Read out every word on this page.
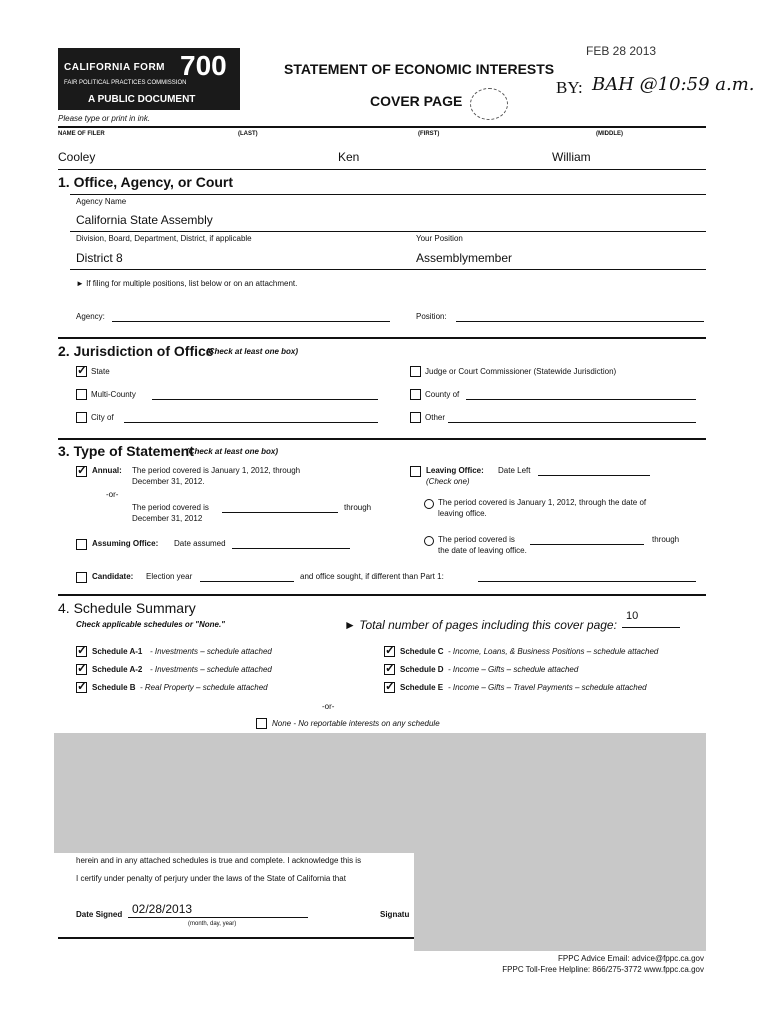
CALIFORNIA FORM 700
FAIR POLITICAL PRACTICES COMMISSION
A PUBLIC DOCUMENT
STATEMENT OF ECONOMIC INTERESTS
COVER PAGE
FEB 28 2013
BY: BAH @10:59 a.m.
Please type or print in ink.
NAME OF FILER	(LAST)	(FIRST)	(MIDDLE)
Cooley	Ken	William
1. Office, Agency, or Court
Agency Name
California State Assembly
Division, Board, Department, District, if applicable	Your Position
District 8	Assemblymember
► If filing for multiple positions, list below or on an attachment.
Agency:	Position:
2. Jurisdiction of Office
(Check at least one box)
✓
State	Judge or Court Commissioner (Statewide Jurisdiction)
Multi-County	County of
City of	Other
3. Type of Statement
(Check at least one box)
✓
Annual: The period covered is January 1, 2012, through
December 31, 2012.
-or-
The period covered is	through
December 31, 2012
Assuming Office: Date assumed
Leaving Office: Date Left
(Check one)
The period covered is January 1, 2012, through the date of
leaving office.
The period covered is	through
the date of leaving office.
Candidate: Election year	and office sought, if different than Part 1:
4. Schedule Summary
Check applicable schedules or "None."	► Total number of pages including this cover page:
10
✓
Schedule A-1 - Investments – schedule attached
✓
Schedule A-2 - Investments – schedule attached
✓
Schedule B - Real Property – schedule attached
✓
Schedule C - Income, Loans, & Business Positions – schedule attached
✓
Schedule D - Income – Gifts – schedule attached
✓
Schedule E - Income – Gifts – Travel Payments – schedule attached
-or-
None - No reportable interests on any schedule
herein and in any attached schedules is true and complete. I acknowledge this is
I certify under penalty of perjury under the laws of the State of California that
Date Signed 02/28/2013
(month, day, year)
Signatu
FPPC Advice Email: advice@fppc.ca.gov
FPPC Toll-Free Helpline: 866/275-3772 www.fppc.ca.gov
